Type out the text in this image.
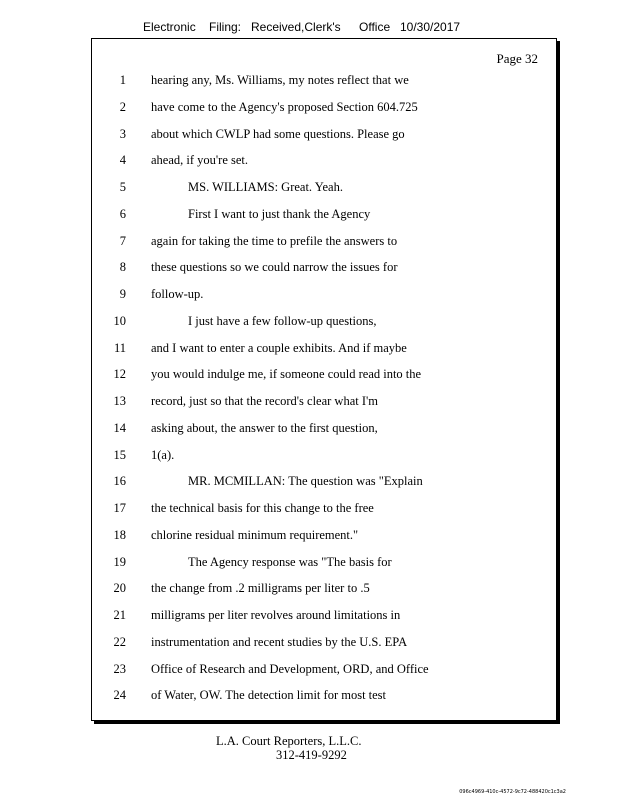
Electronic Filing: Received,Clerk's Office 10/30/2017
Page 32
1 hearing any, Ms. Williams, my notes reflect that we
2 have come to the Agency's proposed Section 604.725
3 about which CWLP had some questions. Please go
4 ahead, if you're set.
5	MS. WILLIAMS: Great. Yeah.
6	First I want to just thank the Agency
7 again for taking the time to prefile the answers to
8 these questions so we could narrow the issues for
9 follow-up.
10	I just have a few follow-up questions,
11 and I want to enter a couple exhibits. And if maybe
12 you would indulge me, if someone could read into the
13 record, just so that the record's clear what I'm
14 asking about, the answer to the first question,
15 1(a).
16	MR. MCMILLAN: The question was "Explain
17 the technical basis for this change to the free
18 chlorine residual minimum requirement."
19	The Agency response was "The basis for
20 the change from .2 milligrams per liter to .5
21 milligrams per liter revolves around limitations in
22 instrumentation and recent studies by the U.S. EPA
23 Office of Research and Development, ORD, and Office
24 of Water, OW. The detection limit for most test
L.A. Court Reporters, L.L.C.
312-419-9292
096c4969-410c-4572-9c72-488420c1c3a2
